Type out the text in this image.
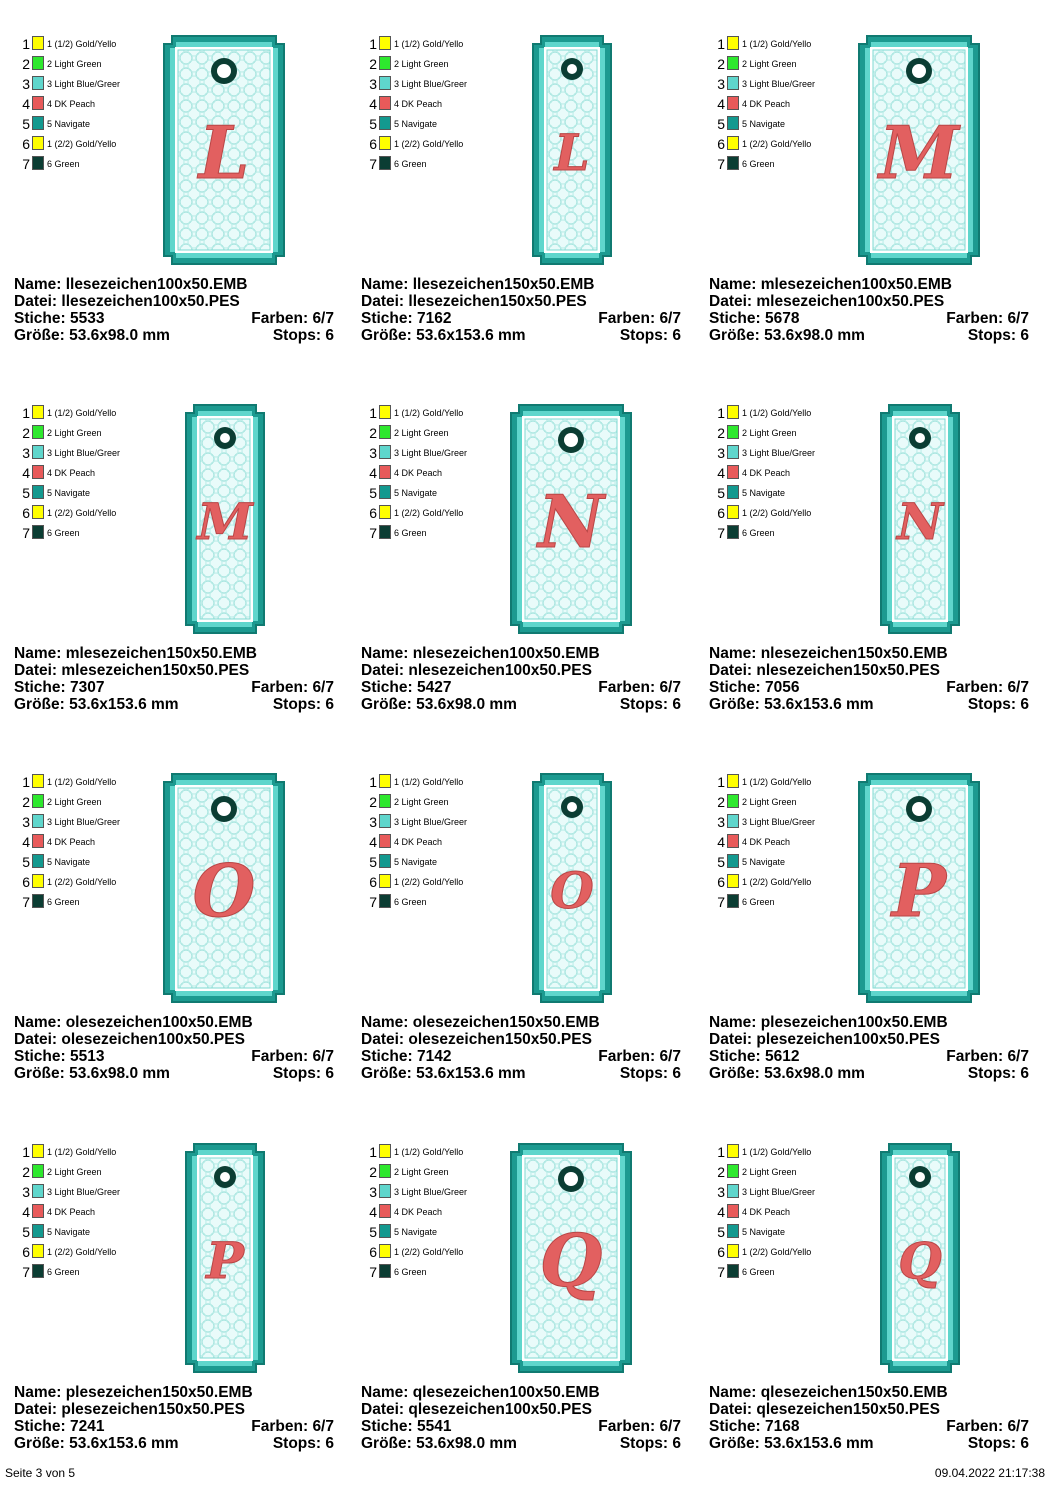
1 1 (1/2) Gold/Yello
2 2 Light Green
3 3 Light Blue/Greer
4 4 DK Peach
5 5 Navigate
6 1 (2/2) Gold/Yello
7 6 Green	L
Name: llesezeichen100x50.EMB
Datei: llesezeichen100x50.PES
Stiche: 5533	Farben: 6/7
Größe: 53.6x98.0 mm	Stops: 6
1 1 (1/2) Gold/Yello
2 2 Light Green
3 3 Light Blue/Greer
4 4 DK Peach
5 5 Navigate
6 1 (2/2) Gold/Yello
7 6 Green	L
Name: llesezeichen150x50.EMB
Datei: llesezeichen150x50.PES
Stiche: 7162	Farben: 6/7
Größe: 53.6x153.6 mm	Stops: 6
1 1 (1/2) Gold/Yello
2 2 Light Green
3 3 Light Blue/Greer
4 4 DK Peach
5 5 Navigate
6 1 (2/2) Gold/Yello
7 6 Green	M
Name: mlesezeichen100x50.EMB
Datei: mlesezeichen100x50.PES
Stiche: 5678	Farben: 6/7
Größe: 53.6x98.0 mm	Stops: 6
1 1 (1/2) Gold/Yello
2 2 Light Green
3 3 Light Blue/Greer
4 4 DK Peach
5 5 Navigate
6 1 (2/2) Gold/Yello
7 6 Green	M
Name: mlesezeichen150x50.EMB
Datei: mlesezeichen150x50.PES
Stiche: 7307	Farben: 6/7
Größe: 53.6x153.6 mm	Stops: 6
1 1 (1/2) Gold/Yello
2 2 Light Green
3 3 Light Blue/Greer
4 4 DK Peach
5 5 Navigate
6 1 (2/2) Gold/Yello
7 6 Green	N
Name: nlesezeichen100x50.EMB
Datei: nlesezeichen100x50.PES
Stiche: 5427	Farben: 6/7
Größe: 53.6x98.0 mm	Stops: 6
1 1 (1/2) Gold/Yello
2 2 Light Green
3 3 Light Blue/Greer
4 4 DK Peach
5 5 Navigate
6 1 (2/2) Gold/Yello
7 6 Green	N
Name: nlesezeichen150x50.EMB
Datei: nlesezeichen150x50.PES
Stiche: 7056	Farben: 6/7
Größe: 53.6x153.6 mm	Stops: 6
1 1 (1/2) Gold/Yello
2 2 Light Green
3 3 Light Blue/Greer
4 4 DK Peach
5 5 Navigate
6 1 (2/2) Gold/Yello
7 6 Green	O
Name: olesezeichen100x50.EMB
Datei: olesezeichen100x50.PES
Stiche: 5513	Farben: 6/7
Größe: 53.6x98.0 mm	Stops: 6
1 1 (1/2) Gold/Yello
2 2 Light Green
3 3 Light Blue/Greer
4 4 DK Peach
5 5 Navigate
6 1 (2/2) Gold/Yello
7 6 Green	O
Name: olesezeichen150x50.EMB
Datei: olesezeichen150x50.PES
Stiche: 7142	Farben: 6/7
Größe: 53.6x153.6 mm	Stops: 6
1 1 (1/2) Gold/Yello
2 2 Light Green
3 3 Light Blue/Greer
4 4 DK Peach
5 5 Navigate
6 1 (2/2) Gold/Yello
7 6 Green	P
Name: plesezeichen100x50.EMB
Datei: plesezeichen100x50.PES
Stiche: 5612	Farben: 6/7
Größe: 53.6x98.0 mm	Stops: 6
1 1 (1/2) Gold/Yello
2 2 Light Green
3 3 Light Blue/Greer
4 4 DK Peach
5 5 Navigate
6 1 (2/2) Gold/Yello
7 6 Green	P
Name: plesezeichen150x50.EMB
Datei: plesezeichen150x50.PES
Stiche: 7241	Farben: 6/7
Größe: 53.6x153.6 mm	Stops: 6
1 1 (1/2) Gold/Yello
2 2 Light Green
3 3 Light Blue/Greer
4 4 DK Peach
5 5 Navigate
6 1 (2/2) Gold/Yello
7 6 Green	Q
Name: qlesezeichen100x50.EMB
Datei: qlesezeichen100x50.PES
Stiche: 5541	Farben: 6/7
Größe: 53.6x98.0 mm	Stops: 6
1 1 (1/2) Gold/Yello
2 2 Light Green
3 3 Light Blue/Greer
4 4 DK Peach
5 5 Navigate
6 1 (2/2) Gold/Yello
7 6 Green	Q
Name: qlesezeichen150x50.EMB
Datei: qlesezeichen150x50.PES
Stiche: 7168	Farben: 6/7
Größe: 53.6x153.6 mm	Stops: 6
Seite 3 von 5	09.04.2022 21:17:38
